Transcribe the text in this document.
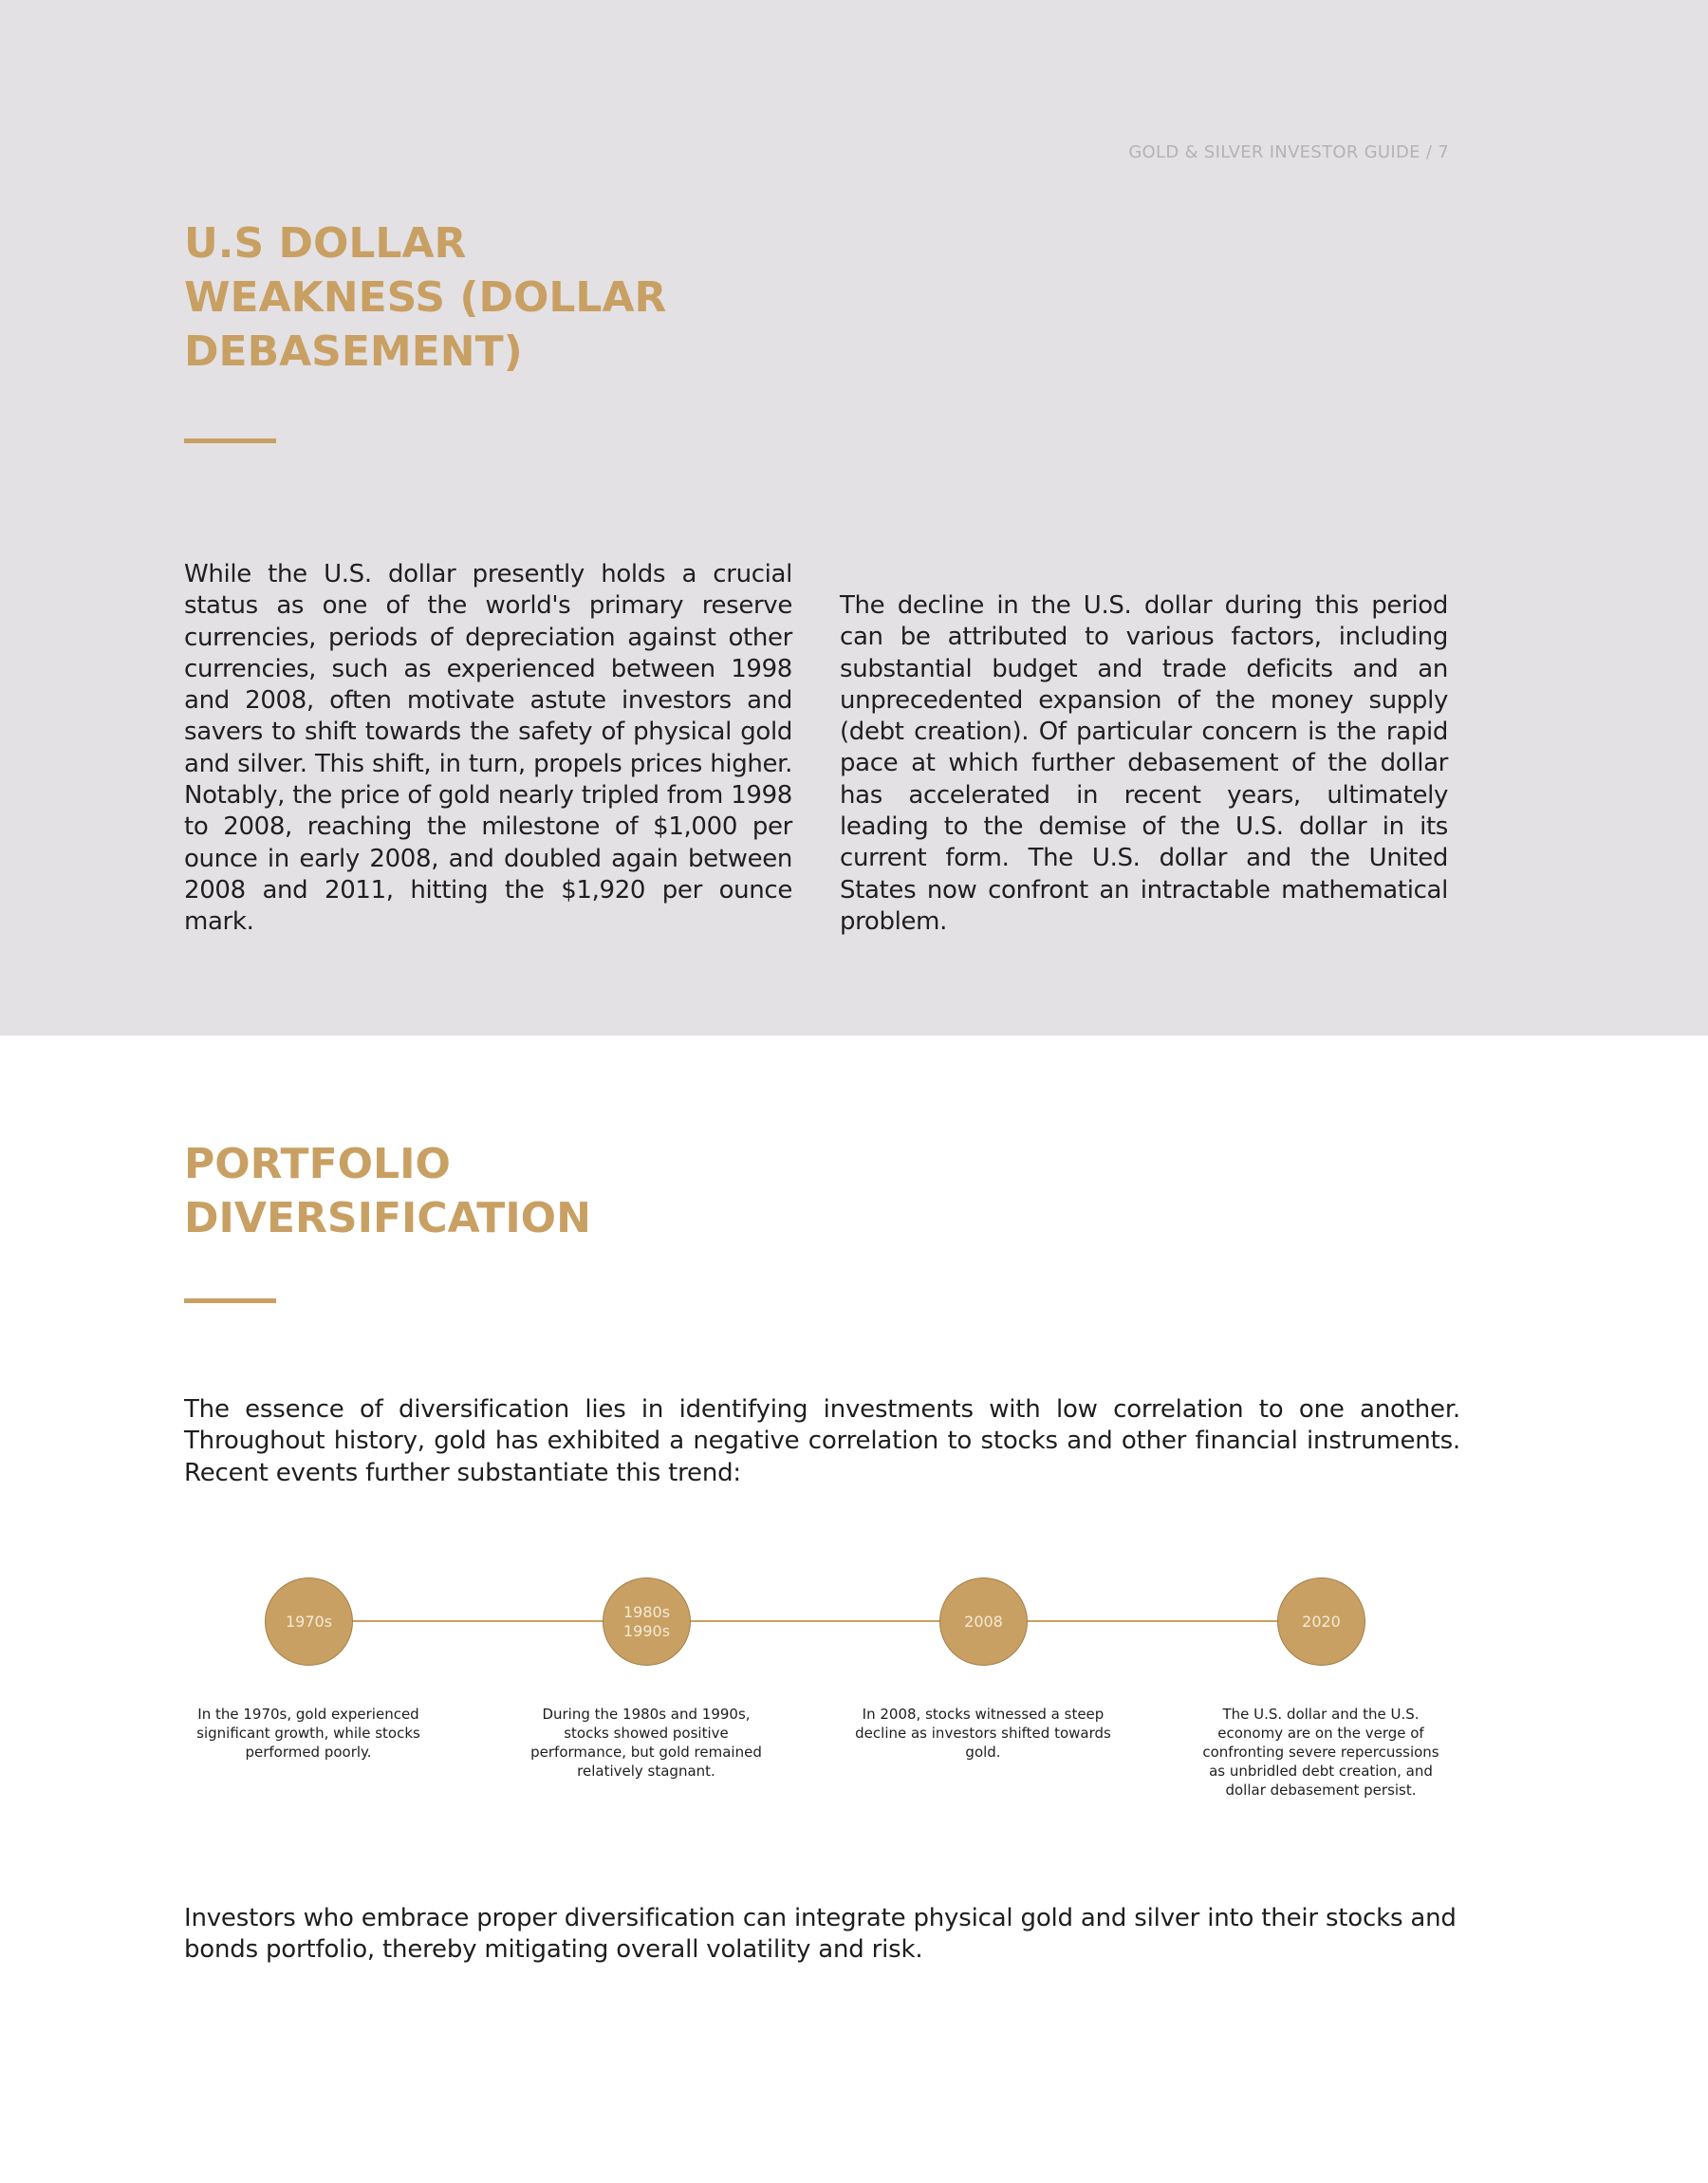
GOLD & SILVER INVESTOR GUIDE / 7
U.S DOLLAR
WEAKNESS (DOLLAR
DEBASEMENT)

While the U.S. dollar presently holds a crucial status as one of the world's primary reserve currencies, periods of depreciation against other currencies, such as experienced between 1998 and 2008, often motivate astute investors and savers to shift towards the safety of physical gold and silver. This shift, in turn, propels prices higher. Notably, the price of gold nearly tripled from 1998 to 2008, reaching the milestone of $1,000 per ounce in early 2008, and doubled again between 2008 and 2011, hitting the $1,920 per ounce mark.

The decline in the U.S. dollar during this period can be attributed to various factors, including substantial budget and trade deficits and an unprecedented expansion of the money supply (debt creation). Of particular concern is the rapid pace at which further debasement of the dollar has accelerated in recent years, ultimately leading to the demise of the U.S. dollar in its current form. The U.S. dollar and the United States now confront an intractable mathematical problem.

PORTFOLIO
DIVERSIFICATION

The essence of diversification lies in identifying investments with low correlation to one another. Throughout history, gold has exhibited a negative correlation to stocks and other financial instruments. Recent events further substantiate this trend:

1970s
1980s
1990s
2008	2020

In the 1970s, gold experienced significant growth, while stocks performed poorly.

During the 1980s and 1990s, stocks showed positive performance, but gold remained relatively stagnant.

In 2008, stocks witnessed a steep decline as investors shifted towards gold.

The U.S. dollar and the U.S. economy are on the verge of confronting severe repercussions as unbridled debt creation, and dollar debasement persist.

Investors who embrace proper diversification can integrate physical gold and silver into their stocks and bonds portfolio, thereby mitigating overall volatility and risk.
